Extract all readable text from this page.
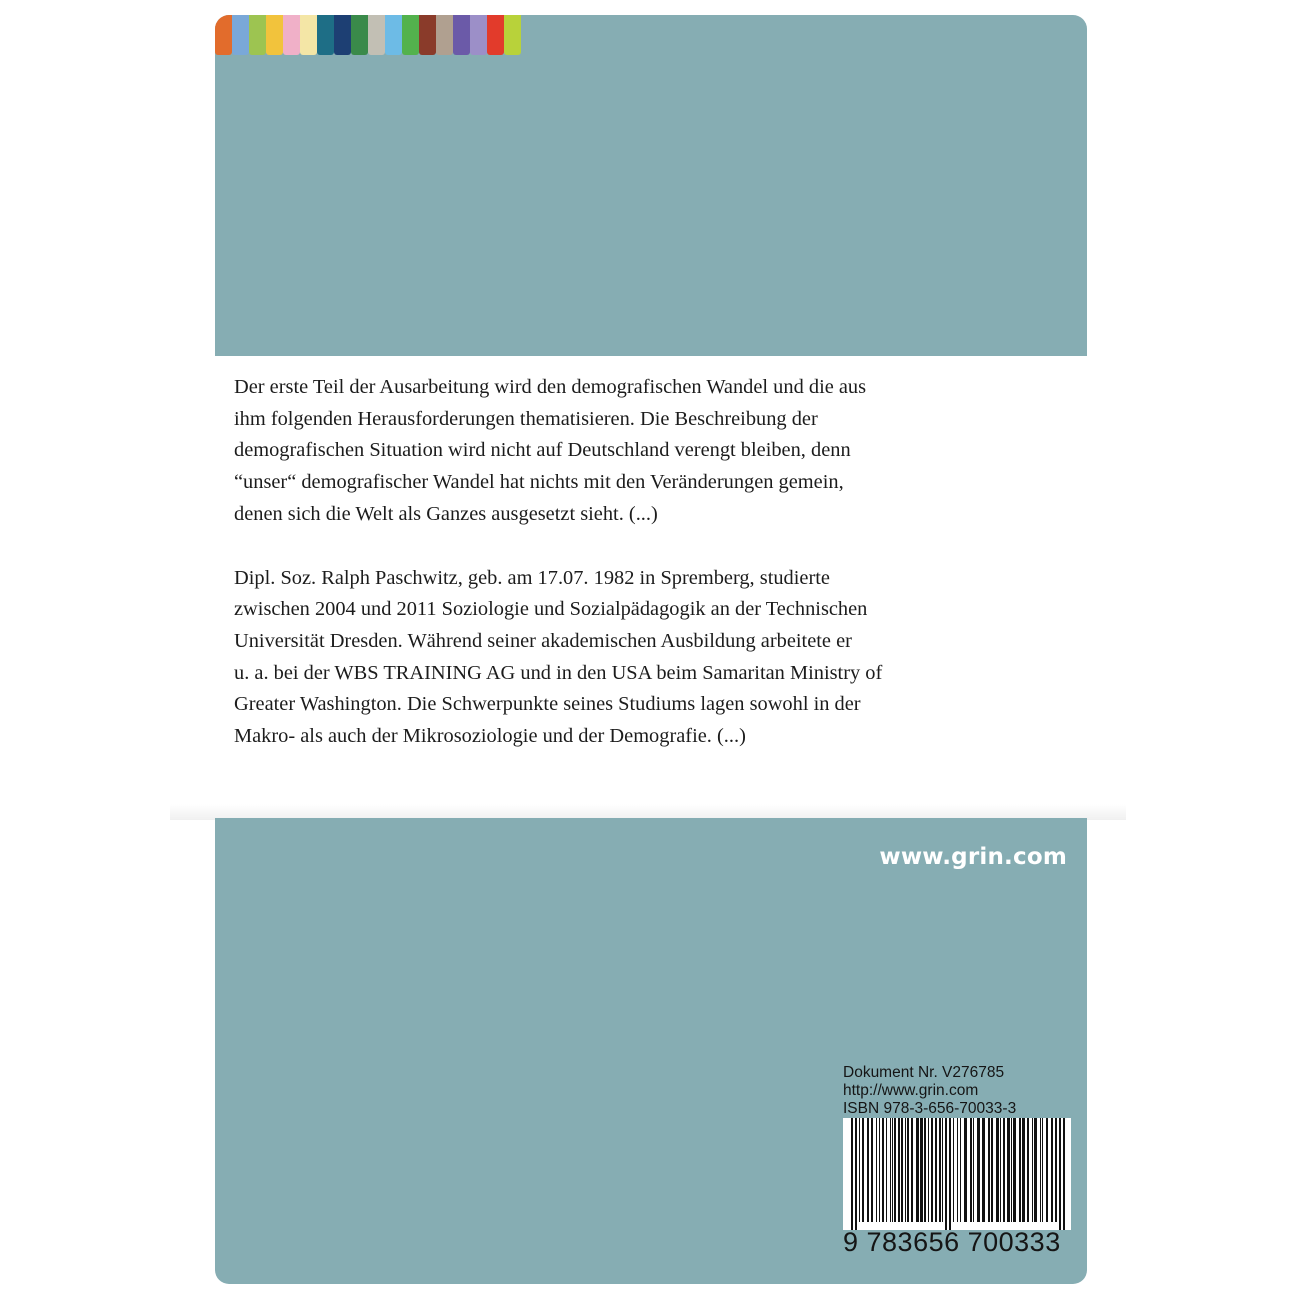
Der erste Teil der Ausarbeitung wird den demografischen Wandel und die aus
ihm folgenden Herausforderungen thematisieren. Die Beschreibung der
demografischen Situation wird nicht auf Deutschland verengt bleiben, denn
“unser“ demografischer Wandel hat nichts mit den Veränderungen gemein,
denen sich die Welt als Ganzes ausgesetzt sieht. (...)

Dipl. Soz. Ralph Paschwitz, geb. am 17.07. 1982 in Spremberg, studierte
zwischen 2004 und 2011 Soziologie und Sozialpädagogik an der Technischen
Universität Dresden. Während seiner akademischen Ausbildung arbeitete er
u. a. bei der WBS TRAINING AG und in den USA beim Samaritan Ministry of
Greater Washington. Die Schwerpunkte seines Studiums lagen sowohl in der
Makro- als auch der Mikrosoziologie und der Demografie. (...)

www.grin.com
Dokument Nr. V276785
http://www.grin.com
ISBN 978-3-656-70033-3
9 783656 700333
